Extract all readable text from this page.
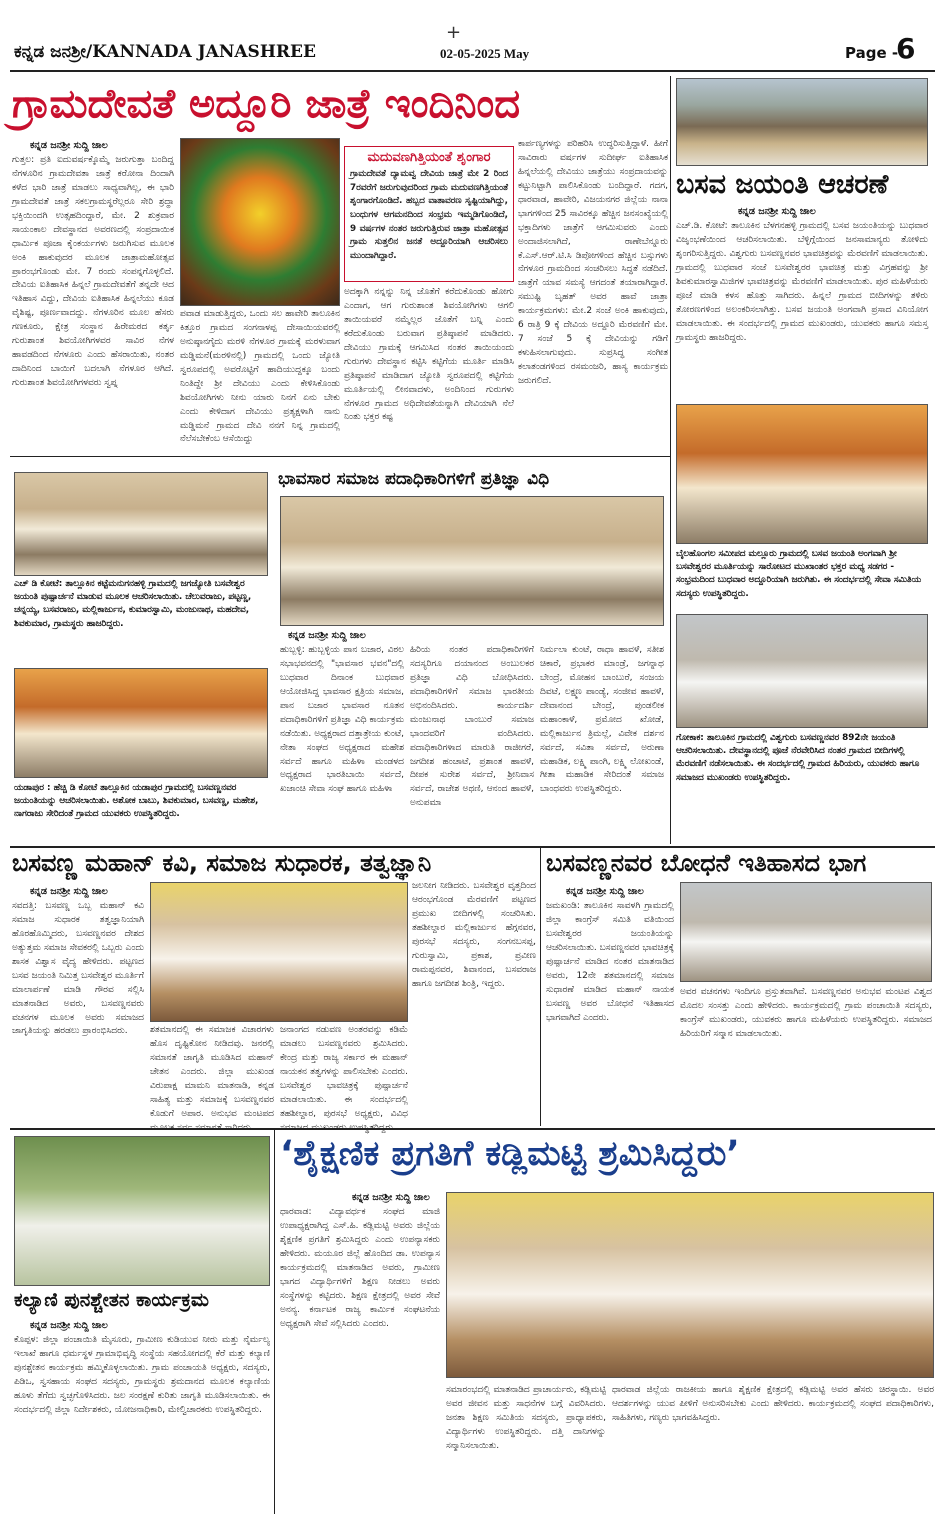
+
ಕನ್ನಡ ಜನಶ್ರೀ/KANNADA JANASHREE	02-05-2025 May	Page -
6
ಗ್ರಾಮದೇವತೆ ಅದ್ದೂರಿ ಜಾತ್ರೆ ಇಂದಿನಿಂದ
ಕನ್ನಡ ಜನಶ್ರೀ ಸುದ್ದಿ ಜಾಲ
ಗುತ್ತಲ: ಪ್ರತಿ ಐದುವರ್ಷಕ್ಕೊಮ್ಮೆ ಜರುಗುತ್ತಾ ಬಂದಿದ್ದ ನೆಗಳೂರಿನ ಗ್ರಾಮದೇವತಾ ಜಾತ್ರೆ ಕರೋನಾ ದಿಂದಾಗಿ ಕಳೆದ ಭಾರಿ ಜಾತ್ರೆ ಮಾಡಲು ಸಾಧ್ಯವಾಗಿಲ್ಲ, ಈ ಭಾರಿ ಗ್ರಾಮದೇವತೆ ಜಾತ್ರೆ ಸಕಲಗ್ರಾಮಸ್ಥರೆಲ್ಲರೂ ಸೇರಿ ಶ್ರದ್ಧಾ ಭಕ್ತಿಯಿಂದಗಿ ಉತ್ಸಹದಿಂದ್ದಾರೆ, ಮೇ. 2 ಶುಕ್ರವಾರ ಸಾಯಂಕಾಲ ದೇವಸ್ಥಾನದ ಅವರಣದಲ್ಲಿ ಸಂಪ್ರದಾಯಿಕ ಧಾರ್ಮಿಕ ಪೂಜಾ ಕೈಂಕರ್ಯಗಳು ಜರುಗಿಸುವ ಮೂಲಕ ಅಂಕಿ ಹಾಕುವುದರ ಮೂಲಕ ಜಾತ್ರಾಮಹೋತ್ಸವ ಪ್ರಾರಂಭಗೊಂಡು ಮೇ. 7 ರಂದು ಸಂಪನ್ನಗೊಳ್ಳಲಿದೆ. ದೇವಿಯ ಐತಿಹಾಸಿಕ ಹಿನ್ನಲೆ ಗ್ರಾಮದೇವತೆಗೆ ತನ್ನದೇ ಆದ ಇತಿಹಾಸ ವಿದ್ದು, ದೇವಿಯ ಐತಿಹಾಸಿಕ ಹಿನ್ನಲೆಯು ಕೂಡ ವೈಶಿಷ್ಟ, ಪೂರ್ಣವಾದದ್ದು. ನೆಗಳೂರಿನ ಮೂಲ ಹೆಸರು ಗಣಕೂರು, ಕ್ಷೇತ್ರ ಸಂಸ್ಥಾನ ಹಿರೇಮಠದ ಕರ್ತೃ ಗುರುಶಾಂತ ಶಿವಯೋಗಿಗಳವರ ಸಾವಿರ ನೆಗಳ ಹಾವಡದಿಂದ ನೆಗಳೂರು ಎಂದು ಹೆಸರಾಯಿತು, ನಂತರ ದಾದಿನಿಂದ ಬಾಯಿಗೆ ಬದಲಾಗಿ ನೆಗಳೂರ ಆಗಿದೆ. ಗುರುಶಾಂತ ಶಿವಯೋಗಿಗಳವರು ಸ್ವಪ್ನ
ಪವಾಡ ಮಾಡುತ್ತಿದ್ದರು, ಒಂದು ಸಲ ಹಾವೇರಿ ತಾಲೂಕಿನ ಕಿತ್ತೂರ ಗ್ರಾಮದ ಸಂಗನಾಳಪ್ಪ ದೇಸಾಯಿಯವರಲ್ಲಿ ಅನುಷ್ಠಾನಗೈದು ಮರಳಿ ನೆಗಳೂರ ಗ್ರಾಮಕ್ಕೆ ಮರಳುವಾಗ ಮಡ್ಡಿಮನೆ(ಮರಳಿನಲ್ಲಿ) ಗ್ರಾಮದಲ್ಲಿ ಒಂದು ಜ್ಯೋತಿ ಸ್ವರೂಪದಲ್ಲಿ ಅವರೊಟ್ಟಿಗೆ ಹಾದಿಯುದ್ದಕ್ಕೂ ಬಂದು ನಿಂತಿದ್ದೇ ಶ್ರೀ ದೇವಿಯು ಎಂದು ಕೇಳಿಸಿಕೊಂಡು ಶಿವಯೋಗಿಗಳು ನೀನು ಯಾರು ನಿನಗೆ ಏನು ಬೇಕು ಎಂದು ಕೇಳಿದಾಗ ದೇವಿಯು ಪ್ರತ್ಯಕ್ಷಳಾಗಿ ನಾನು ಮಡ್ಡಿಮನೆ ಗ್ರಾಮದ ದೇವಿ ನನಗೆ ನಿನ್ನ ಗ್ರಾಮದಲ್ಲಿ ನೆಲೆಸಬೇಕೆಂಬ ಆಸೆಯಿದ್ದು
ಮದುವಣಗಿತ್ತಿಯಂತೆ ಶೃಂಗಾರ
ಗ್ರಾಮದೇವತೆ ದ್ಯಾಮವ್ವ ದೇವಿಯ ಜಾತ್ರೆ ಮೇ 2 ರಿಂದ 7ರವರೆಗೆ ಜರುಗುವುದರಿಂದ ಗ್ರಾಮ ಮದುವಣಗಿತ್ತಿಯಂತೆ ಶೃಂಗಾರಗೊಂಡಿದೆ. ಹಬ್ಬದ ವಾತಾವರಣ ಸೃಷ್ಟಿಯಾಗಿದ್ದು, ಬಂಧುಗಳ ಆಗಮನದಿಂದ ಸಂಭ್ರಮ ಇಮ್ಮಡಿಗೊಂಡಿದೆ, 9 ವರ್ಷಗಳ ನಂತರ ಜರುಗುತ್ತಿರುವ ಜಾತ್ರಾ ಮಹೋತ್ಸವ ಗ್ರಾಮ ಸುತ್ತಲಿನ ಜನತೆ ಅದ್ದೂರಿಯಾಗಿ ಆಚರಿಸಲು ಮುಂದಾಗಿದ್ದಾರೆ.
ಅದಕ್ಕಾಗಿ ನನ್ನನ್ನು ನಿನ್ನ ಜೊತೆಗೆ ಕರೆದುಕೊಂಡು ಹೋಗು ಎಂದಾಗ, ಆಗ ಗುರುಶಾಂತ ಶಿವಯೋಗಿಗಳು ಆಗಲಿ ತಾಯಿಯವರೆ ನಮ್ಮೆಲ್ಲರ ಜೊತೆಗೆ ಬನ್ನಿ ಎಂದು ಕರೆದುಕೊಂಡು ಬರುವಾಗ ಪ್ರತಿಷ್ಠಾಪನೆ ಮಾಡಿದರು. ದೇವಿಯು ಗ್ರಾಮಕ್ಕೆ ಆಗಮಿಸಿದ ನಂತರ ತಾಯಿಯಂದು ಗುರುಗಳು ದೇವಸ್ಥಾನ ಕಟ್ಟಿಸಿ ಕಟ್ಟಿಗೆಯ ಮೂರ್ತಿ ಮಾಡಿಸಿ ಪ್ರತಿಷ್ಠಾಪನೆ ಮಾಡಿದಾಗ ಜ್ಯೋತಿ ಸ್ವರೂಪದಲ್ಲಿ ಕಟ್ಟಿಗೆಯ ಮೂರ್ತಿಯಲ್ಲಿ ಲೀನವಾದಳು, ಅಂದಿನಿಂದ ಗುರುಗಳು ನೆಗಳೂರ ಗ್ರಾಮದ ಅಧಿದೇವತೆಯನ್ನಾಗಿ ದೇವಿಯಾಗಿ ನೆಲೆ ನಿಂತು ಭಕ್ತರ ಕಷ್ಟ
ಕಾರ್ಪಣ್ಯಗಳನ್ನು ಪರಿಹರಿಸಿ ಉದ್ಧರಿಸುತ್ತಿದ್ದಾಳೆ. ಹೀಗೆ ಸಾವಿರಾರು ವರ್ಷಗಳ ಸುದೀರ್ಘ ಐತಿಹಾಸಿಕ ಹಿನ್ನಲೆಯಲ್ಲಿ ದೇವಿಯು ಜಾತ್ರೆಯು ಸಂಪ್ರದಾಯವನ್ನು ಕಟ್ಟುನಿಟ್ಟಾಗಿ ಪಾಲಿಸಿಕೊಂಡು ಬಂದಿದ್ದಾರೆ. ಗದಗ, ಧಾರವಾಡ, ಹಾವೇರಿ, ವಿಜಯನಗರ ಜಿಲ್ಲೆಯ ನಾನಾ ಭಾಗಗಳಿಂದ 25 ಸಾವಿರಕ್ಕೂ ಹೆಚ್ಚಿನ ಜನಸಂಖ್ಯೆಯಲ್ಲಿ ಭಕ್ತಾದಿಗಳು ಜಾತ್ರೆಗೆ ಆಗಮಿಸುವರು ಎಂದು ಅಂದಾಜಿಸಲಾಗಿದೆ, ರಾಣೇಬೆನ್ನೂರು ಕೆ.ಎಸ್.ಆರ್.ಟಿ.ಸಿ ಡಿಪೋಗಳಿಂದ ಹೆಚ್ಚಿನ ಬಸ್ಸುಗಳು ನೆಗಳೂರ ಗ್ರಾಮದಿಂದ ಸಂಚರಿಸಲು ಸಿದ್ಧತೆ ನಡೆದಿದೆ. ಜಾತ್ರೆಗೆ ಯಾವ ಸಮಸ್ಯೆ ಆಗದಂತೆ ತಯಾರಾಗಿದ್ದಾರೆ. ಸಮುಷ್ಟಿ ಬೃಹತ್ ಅವರ ಹಾವೆ ಜಾತ್ರಾ ಕಾರ್ಯಕ್ರಮಗಳು: ಮೇ.2 ಸಂಜೆ ಅಂಕಿ ಹಾಕುವುದು, 6 ರಾತ್ರಿ 9 ಕ್ಕೆ ದೇವಿಯ ಅದ್ದೂರಿ ಮೆರವಣಿಗೆ ಮೇ. 7 ಸಂಜೆ 5 ಕ್ಕೆ ದೇವಿಯನ್ನು ಗಡಿಗೆ ಕಳುಹಿಸಲಾಗುವುದು. ಸುಪ್ರಸಿದ್ಧ ಸಂಗೀತ ಕಲಾತಂಡಗಳಿಂದ ರಸಮಂಜರಿ, ಹಾಸ್ಯ ಕಾರ್ಯಕ್ರಮ ಜರುಗಲಿದೆ.
ಬಸವ ಜಯಂತಿ ಆಚರಣೆ
ಕನ್ನಡ ಜನಶ್ರೀ ಸುದ್ದಿ ಜಾಲ
ಎಚ್.ಡಿ. ಕೋಟೆ: ತಾಲೂಕಿನ ಬೆಳಗನಹಳ್ಳಿ ಗ್ರಾಮದಲ್ಲಿ ಬಸವ ಜಯಂತಿಯನ್ನು ಬುಧವಾರ ವಿಜೃಂಭಣೆಯಿಂದ ಆಚರಿಸಲಾಯಿತು. ಬೆಳ್ಳಿಗ್ಗೆಯಿಂದ ಜನಸಾಮಾನ್ಯರು ತೋಳಿದು ಶೃಂಗರಿಸುತ್ತಿದ್ದರು. ವಿಶ್ವಗುರು ಬಸವಣ್ಣನವರ ಭಾವಚಿತ್ರವನ್ನು ಮೆರವಣಿಗೆ ಮಾಡಲಾಯಿತು. ಗ್ರಾಮದಲ್ಲಿ ಬುಧವಾರ ಸಂಜೆ ಬಸವೇಶ್ವರರ ಭಾವಚಿತ್ರ ಮತ್ತು ವಿಗ್ರಹವನ್ನು ಶ್ರೀ ಶಿವಕುಮಾರಸ್ವಾಮಿಜಿಗಳ ಭಾವಚಿತ್ರವನ್ನು ಮೆರವಣಿಗೆ ಮಾಡಲಾಯಿತು. ಪುರ ಮಹಿಳೆಯರು ಪೂಜೆ ಮಾಡಿ ಕಳಸ ಹೊತ್ತು ಸಾಗಿದರು. ಹಿನ್ನಲೆ ಗ್ರಾಮದ ಬೀದಿಗಳನ್ನು ತಳಿರು ತೋರಣಗಳಿಂದ ಅಲಂಕರಿಸಲಾಗಿತ್ತು. ಬಸವ ಜಯಂತಿ ಅಂಗವಾಗಿ ಪ್ರಸಾದ ವಿನಿಯೋಗ ಮಾಡಲಾಯಿತು. ಈ ಸಂದರ್ಭದಲ್ಲಿ ಗ್ರಾಮದ ಮುಖಂಡರು, ಯುವಕರು ಹಾಗೂ ಸಮಸ್ತ ಗ್ರಾಮಸ್ಥರು ಹಾಜರಿದ್ದರು.
ಬೈಲಹೊಂಗಲ ಸಮೀಪದ ಮಲ್ಲೂರು ಗ್ರಾಮದಲ್ಲಿ ಬಸವ ಜಯಂತಿ ಅಂಗವಾಗಿ ಶ್ರೀ ಬಸವೇಶ್ವರರ ಮೂರ್ತಿಯನ್ನು ಸಾರೋಟದ ಮುಖಾಂತರ ಭಕ್ತರ ಮಧ್ಯ ಸಡಗರ - ಸಂಭ್ರಮದಿಂದ ಬುಧವಾರ ಅದ್ದೂರಿಯಾಗಿ ಜರುಗಿತು. ಈ ಸಂದರ್ಭದಲ್ಲಿ ಸೇವಾ ಸಮಿತಿಯ ಸದಸ್ಯರು ಉಪಸ್ಥಿತರಿದ್ದರು.
ಗೋಕಾಕ: ತಾಲೂಕಿನ ಗ್ರಾಮದಲ್ಲಿ ವಿಶ್ವಗುರು ಬಸವಣ್ಣನವರ 892ನೇ ಜಯಂತಿ ಆಚರಿಸಲಾಯಿತು. ದೇವಸ್ಥಾನದಲ್ಲಿ ಪೂಜೆ ನೆರವೇರಿಸಿದ ನಂತರ ಗ್ರಾಮದ ಬೀದಿಗಳಲ್ಲಿ ಮೆರವಣಿಗೆ ನಡೆಸಲಾಯಿತು. ಈ ಸಂದರ್ಭದಲ್ಲಿ ಗ್ರಾಮದ ಹಿರಿಯರು, ಯುವಕರು ಹಾಗೂ ಸಮಾಜದ ಮುಖಂಡರು ಉಪಸ್ಥಿತರಿದ್ದರು.
ಎಚ್ ಡಿ ಕೋಟೆ: ತಾಲ್ಲೂಕಿನ ಕಟ್ಟೆಮನುಗನಹಳ್ಳಿ ಗ್ರಾಮದಲ್ಲಿ ಜಗಜ್ಯೋತಿ ಬಸವೇಶ್ವರ ಜಯಂತಿ ಪುಷ್ಪಾರ್ಚನೆ ಮಾಡುವ ಮೂಲಕ ಆಚರಿಸಲಾಯಿತು. ಚೆಲುವರಾಜು, ಪಟ್ಟಣ್ಣ, ಚನ್ನಯ್ಯ, ಬಸವರಾಜು, ಮಲ್ಲಿಕಾರ್ಜುನ, ಕುಮಾರಸ್ವಾಮಿ, ಮಂಜುನಾಥ, ಮಹದೇವ, ಶಿವಕುಮಾರ, ಗ್ರಾಮಸ್ಥರು ಹಾಜರಿದ್ದರು.
ಯಡಾಪುರ : ಹೆಚ್ಚಿ ಡಿ ಕೋಟೆ ತಾಲ್ಲೂಕಿನ ಯಡಾಪುರ ಗ್ರಾಮದಲ್ಲಿ ಬಸವಣ್ಣನವರ ಜಯಂತಿಯನ್ನು ಆಚರಿಸಲಾಯಿತು. ಅಶೋಕ ಬಾಬು, ಶಿವಕುಮಾರ, ಬಸವಣ್ಣ, ಮಹೇಶ, ನಾಗರಾಜು ಸೇರಿದಂತೆ ಗ್ರಾಮದ ಯುವಕರು ಉಪಸ್ಥಿತರಿದ್ದರು.
ಭಾವಸಾರ ಸಮಾಜ ಪದಾಧಿಕಾರಿಗಳಿಗೆ ಪ್ರತಿಜ್ಞಾ ವಿಧಿ
ಕನ್ನಡ ಜನಶ್ರೀ ಸುದ್ದಿ ಜಾಲ
ಹುಬ್ಬಳ್ಳಿ: ಹುಬ್ಬಳ್ಳಿಯ ಪಾನ ಬಜಾರ, ವಿಠಲ ಸಭಾಭವನದಲ್ಲಿ "ಭಾವಸಾರ ಭವನ"ದಲ್ಲಿ ಬುಧವಾರ ದಿನಾಂಕ ಬುಧವಾರ ಆಯೋಜಿಸಿದ್ದ ಭಾವಸಾರ ಕ್ಷತ್ರಿಯ ಸಮಾಜ, ಪಾನ ಬಜಾರ ಭಾವಸಾರ ನೂತನ ಪದಾಧಿಕಾರಿಗಳಿಗೆ ಪ್ರತಿಜ್ಞಾ ವಿಧಿ ಕಾರ್ಯಕ್ರಮ ನಡೆಯಿತು. ಅಧ್ಯಕ್ಷರಾದ ದತ್ತಾತ್ರೇಯ ಕುಂಟೆ, ನೇತಾ ಸಂಘದ ಅಧ್ಯಕ್ಷರಾದ ಮಹೇಶ ಸರ್ವದೆ ಹಾಗೂ ಮಹಿಳಾ ಮಂಡಳದ ಅಧ್ಯಕ್ಷರಾದ ಭಾರತಿಬಾಯಿ ಸರ್ವದೆ, ಖಜಾಂಚಿ ಸೇವಾ ಸಂಘ ಹಾಗೂ ಮಹಿಳಾ
ಹಿರಿಯ ನಂತರ ಪದಾಧಿಕಾರಿಗಳಿಗೆ ಸದಸ್ಯರಿಗೂ ದಯಾನಂದ ಅಂಬುಲಕರ ಪ್ರತಿಜ್ಞಾ ವಿಧಿ ಬೋಧಿಸಿದರು. ಪದಾಧಿಕಾರಿಗಳಿಗೆ ಸಮಾಜ ಭಾರತೀಯ ಅಭಿನಂದಿಸಿದರು. ಕಾರ್ಯದರ್ಶಿ ಮಂಜುನಾಥ ಬಾಂಬುರೆ ಸಮಾಜ ಭಾಂದವರಿಗೆ ವಂದಿಸಿದರು. ಪದಾಧಿಕಾರಿಗಳಾದ ಮಾರುತಿ ರಾಜೀಗರೆ, ಜಗದೀಶ ಹಂಚಾಟೆ, ಪ್ರಶಾಂತ ಹಾವಳೆ, ದೀಪಕ ಸುರೇಶ ಸರ್ವದೆ, ಶ್ರೀನಿವಾಸ ಸರ್ವದೆ, ರಾಜೇಶ ಅಥಣಿ, ಆನಂದ ಹಾವಳೆ, ಅನುಪಮಾ
ನಿರ್ಮಲಾ ಕುಂಟೆ, ರಾಧಾ ಹಾವಳೆ, ಸತೀಶ ಚಿಕಾರೆ, ಪ್ರಭಾಕರ ಮಾಂಡ್ರೆ, ಜಗನ್ನಾಥ ಬೇಂದ್ರೆ, ಮೋಹನ ಬಾಂಬುರೆ, ಸಂಜಯ ದಿವಟೆ, ಲಕ್ಷ್ಮಣ ಪಾಂಡ್ಯೆ, ಸಂಜೀವ ಹಾವಳೆ, ದೇವಾನಂದ ಬೇಂದ್ರೆ, ಪುಂಡಲೀಕ ಮಹಾಂಕಾಳೆ, ಪ್ರಮೋದ ಖೋಡೆ, ಮಲ್ಲಿಕಾರ್ಜುನ ತ್ರಿಮಲ್ಲೆ, ವಿವೇಕ ದರ್ಶನ ಸರ್ವದೆ, ಸವಿತಾ ಸರ್ವದೆ, ಅರುಣಾ ಮಹಾಡಿಕ, ಲಕ್ಷ್ಮಿ ಪಾಂಗಿ, ಲಕ್ಷ್ಮಿ ಲೋಖಂಡೆ, ಗೀತಾ ಮಹಾಡಿಕ ಸೇರಿದಂತೆ ಸಮಾಜ ಬಾಂಧವರು ಉಪಸ್ಥಿತರಿದ್ದರು.
ಬಸವಣ್ಣ ಮಹಾನ್ ಕವಿ, ಸಮಾಜ ಸುಧಾರಕ, ತತ್ವಜ್ಞಾನಿ
ಕನ್ನಡ ಜನಶ್ರೀ ಸುದ್ದಿ ಜಾಲ
ಸವದತ್ತಿ: ಬಸವಣ್ಣ ಒಬ್ಬ ಮಹಾನ್ ಕವಿ ಸಮಾಜ ಸುಧಾರಕ ತತ್ವಜ್ಞಾನಿಯಾಗಿ ಹೊರಹೊಮ್ಮಿದರು, ಬಸವಣ್ಣನವರ ದೇಶದ ಅತ್ಯುತ್ತಮ ಸಮಾಜ ಸೇವಕರಲ್ಲಿ ಒಬ್ಬರು ಎಂದು ಶಾಸಕ ವಿಶ್ವಾಸ ವೈದ್ಯ ಹೇಳಿದರು. ಪಟ್ಟಣದ ಬಸವ ಜಯಂತಿ ನಿಮಿತ್ತ ಬಸವೇಶ್ವರ ಮೂರ್ತಿಗೆ ಮಾಲಾರ್ಪಣೆ ಮಾಡಿ ಗೌರವ ಸಲ್ಲಿಸಿ ಮಾತನಾಡಿದ ಅವರು, ಬಸವಣ್ಣನವರು ವಚನಗಳ ಮೂಲಕ ಅವರು ಸಮಾಜದ ಜಾಗೃತಿಯನ್ನು ಹರಡಲು ಪ್ರಾರಂಭಿಸಿದರು.	ಶತಮಾನದಲ್ಲಿ ಈ ಸಮಾಜಕ ವಿಚಾರಗಳು ಹೊಸ ದೃಷ್ಟಿಕೋನ ನೀಡಿದವು. ಜನರಲ್ಲಿ ಸಮಾನತೆ ಜಾಗೃತಿ ಮೂಡಿಸಿದ ಮಹಾನ್ ಚೇತನ ಎಂದರು. ಜಿಲ್ಲಾ ಮುಖಂಡ ವಿರುಪಾಕ್ಷ ಮಾಮನಿ ಮಾತನಾಡಿ, ಕನ್ನಡ ಸಾಹಿತ್ಯ ಮತ್ತು ಸಮಾಜಕ್ಕೆ ಬಸವಣ್ಣನವರ ಕೊಡುಗೆ ಅಪಾರ. ಅನುಭವ ಮಂಟಪದ
ಜನಾಂಗದ ನಡುವಣ ಅಂತರವನ್ನು ಕಡಿಮೆ ಮಾಡಲು ಬಸವಣ್ಣನವರು ಶ್ರಮಿಸಿದರು. ಕೇಂದ್ರ ಮತ್ತು ರಾಜ್ಯ ಸರ್ಕಾರ ಈ ಮಹಾನ್ ನಾಯಕನ ತತ್ವಗಳನ್ನು ಪಾಲಿಸಬೇಕು ಎಂದರು. ಬಸವೇಶ್ವರ ಭಾವಚಿತ್ರಕ್ಕೆ ಪುಷ್ಪಾರ್ಚನೆ ಮಾಡಲಾಯಿತು. ಈ ಸಂದರ್ಭದಲ್ಲಿ ತಹಶೀಲ್ದಾರ, ಪುರಸಭೆ ಅಧ್ಯಕ್ಷರು, ವಿವಿಧ
ಜಲನೀಗ ನೀಡಿದರು. ಬಸವೇಶ್ವರ ವೃತ್ತದಿಂದ ಆರಂಭಗೊಂಡ ಮೆರವಣಿಗೆ ಪಟ್ಟಣದ ಪ್ರಮುಖ ಬೀದಿಗಳಲ್ಲಿ ಸಂಚರಿಸಿತು. ತಹಶೀಲ್ದಾರ ಮಲ್ಲಿಕಾರ್ಜುನ ಹೆಗ್ಗನವರ, ಪುರಸಭೆ ಸದಸ್ಯರು, ಸಂಗನಬಸಪ್ಪ, ಗುರುಸ್ವಾಮಿ, ಪ್ರಕಾಶ, ಪ್ರವೀಣ ರಾಮಪ್ಪನವರ, ಶಿವಾನಂದ, ಬಸವರಾಜ ಹಾಗೂ ಜಗದೀಶ ಶಿಂತ್ರಿ, ಇದ್ದರು.
ಬಸವಣ್ಣನವರ ಬೋಧನೆ ಇತಿಹಾಸದ ಭಾಗ
ಕನ್ನಡ ಜನಶ್ರೀ ಸುದ್ದಿ ಜಾಲ
ಜಮಖಂಡಿ: ತಾಲೂಕಿನ ಸಾವಳಗಿ ಗ್ರಾಮದಲ್ಲಿ ಜಿಲ್ಲಾ ಕಾಂಗ್ರೆಸ್ ಸಮಿತಿ ವತಿಯಿಂದ ಬಸವೇಶ್ವರರ ಜಯಂತಿಯನ್ನು ಆಚರಿಸಲಾಯಿತು. ಬಸವಣ್ಣನವರ ಭಾವಚಿತ್ರಕ್ಕೆ ಪುಷ್ಪಾರ್ಚನೆ ಮಾಡಿದ ನಂತರ ಮಾತನಾಡಿದ ಅವರು, 12ನೇ ಶತಮಾನದಲ್ಲಿ ಸಮಾಜ ಸುಧಾರಣೆ ಮಾಡಿದ ಮಹಾನ್ ನಾಯಕ ಬಸವಣ್ಣ ಅವರ ಬೋಧನೆ ಇತಿಹಾಸದ ಭಾಗವಾಗಿದೆ ಎಂದರು.
ಅವರ ವಚನಗಳು ಇಂದಿಗೂ ಪ್ರಸ್ತುತವಾಗಿವೆ. ಬಸವಣ್ಣನವರ ಅನುಭವ ಮಂಟಪ ವಿಶ್ವದ ಮೊದಲ ಸಂಸತ್ತು ಎಂದು ಹೇಳಿದರು. ಕಾರ್ಯಕ್ರಮದಲ್ಲಿ ಗ್ರಾಮ ಪಂಚಾಯಿತಿ ಸದಸ್ಯರು, ಕಾಂಗ್ರೆಸ್ ಮುಖಂಡರು, ಯುವಕರು ಹಾಗೂ ಮಹಿಳೆಯರು ಉಪಸ್ಥಿತರಿದ್ದರು. ಸಮಾಜದ ಹಿರಿಯರಿಗೆ ಸನ್ಮಾನ ಮಾಡಲಾಯಿತು.
ಕಲ್ಯಾಣಿ ಪುನಶ್ಚೇತನ ಕಾರ್ಯಕ್ರಮ
ಕನ್ನಡ ಜನಶ್ರೀ ಸುದ್ದಿ ಜಾಲ
ಕೊಪ್ಪಳ: ಜಿಲ್ಲಾ ಪಂಚಾಯಿತಿ ಮೈಸೂರು, ಗ್ರಾಮೀಣ ಕುಡಿಯುವ ನೀರು ಮತ್ತು ನೈರ್ಮಲ್ಯ ಇಲಾಖೆ ಹಾಗೂ ಧರ್ಮಸ್ಥಳ ಗ್ರಾಮಾಭಿವೃದ್ಧಿ ಸಂಸ್ಥೆಯ ಸಹಯೋಗದಲ್ಲಿ ಕೆರೆ ಮತ್ತು ಕಲ್ಯಾಣಿ ಪುನಶ್ಚೇತನ ಕಾರ್ಯಕ್ರಮ ಹಮ್ಮಿಕೊಳ್ಳಲಾಯಿತು. ಗ್ರಾಮ ಪಂಚಾಯತಿ ಅಧ್ಯಕ್ಷರು, ಸದಸ್ಯರು, ಪಿಡಿಒ, ಸ್ವಸಹಾಯ ಸಂಘದ ಸದಸ್ಯರು, ಗ್ರಾಮಸ್ಥರು ಶ್ರಮದಾನದ ಮೂಲಕ ಕಲ್ಯಾಣಿಯ ಹೂಳು ತೆಗೆದು ಸ್ವಚ್ಛಗೊಳಿಸಿದರು. ಜಲ ಸಂರಕ್ಷಣೆ ಕುರಿತು ಜಾಗೃತಿ ಮೂಡಿಸಲಾಯಿತು. ಈ ಸಂದರ್ಭದಲ್ಲಿ ಜಿಲ್ಲಾ ನಿರ್ದೇಶಕರು, ಯೋಜನಾಧಿಕಾರಿ, ಮೇಲ್ವಿಚಾರಕರು ಉಪಸ್ಥಿತರಿದ್ದರು.
‘ಶೈಕ್ಷಣಿಕ ಪ್ರಗತಿಗೆ ಕಡ್ಲಿಮಟ್ಟಿ ಶ್ರಮಿಸಿದ್ದರು’
ಕನ್ನಡ ಜನಶ್ರೀ ಸುದ್ದಿ ಜಾಲ
ಧಾರವಾಡ: ವಿದ್ಯಾವರ್ಧಕ ಸಂಘದ ಮಾಜಿ ಉಪಾಧ್ಯಕ್ಷರಾಗಿದ್ದ ಎಸ್.ಹಿ. ಕಡ್ಲಿಮಟ್ಟಿ ಅವರು ಜಿಲ್ಲೆಯ ಶೈಕ್ಷಣಿಕ ಪ್ರಗತಿಗೆ ಶ್ರಮಿಸಿದ್ದರು ಎಂದು ಉಪನ್ಯಾಸಕರು ಹೇಳಿದರು. ಮಯೂರ ಜಿಲ್ಲೆ ಹೊಂದಿದ ಡಾ. ಉಪನ್ಯಾಸ ಕಾರ್ಯಕ್ರಮದಲ್ಲಿ ಮಾತನಾಡಿದ ಅವರು, ಗ್ರಾಮೀಣ ಭಾಗದ ವಿದ್ಯಾರ್ಥಿಗಳಿಗೆ ಶಿಕ್ಷಣ ನೀಡಲು ಅವರು ಸಂಸ್ಥೆಗಳನ್ನು ಕಟ್ಟಿದರು. ಶಿಕ್ಷಣ ಕ್ಷೇತ್ರದಲ್ಲಿ ಅವರ ಸೇವೆ ಅನನ್ಯ. ಕರ್ನಾಟಕ ರಾಜ್ಯ ಕಾರ್ಮಿಕ ಸಂಘಟನೆಯ ಅಧ್ಯಕ್ಷರಾಗಿ ಸೇವೆ ಸಲ್ಲಿಸಿದರು ಎಂದರು.
ಸಮಾರಂಭದಲ್ಲಿ ಮಾತನಾಡಿದ ಪ್ರಾಚಾರ್ಯರು, ಕಡ್ಲಿಮಟ್ಟಿ ಅವರ ಜೀವನ ಮತ್ತು ಸಾಧನೆಗಳ ಬಗ್ಗೆ ವಿವರಿಸಿದರು. ಜನತಾ ಶಿಕ್ಷಣ ಸಮಿತಿಯ ಸದಸ್ಯರು, ಪ್ರಾಧ್ಯಾಪಕರು, ವಿದ್ಯಾರ್ಥಿಗಳು ಉಪಸ್ಥಿತರಿದ್ದರು. ದತ್ತಿ ದಾನಿಗಳನ್ನು ಸನ್ಮಾನಿಸಲಾಯಿತು.
ಧಾರವಾಡ ಜಿಲ್ಲೆಯ ರಾಜಕೀಯ ಹಾಗೂ ಶೈಕ್ಷಣಿಕ ಕ್ಷೇತ್ರದಲ್ಲಿ ಕಡ್ಲಿಮಟ್ಟಿ ಅವರ ಹೆಸರು ಚಿರಸ್ಥಾಯಿ. ಅವರ ಆದರ್ಶಗಳನ್ನು ಯುವ ಪೀಳಿಗೆ ಅನುಸರಿಸಬೇಕು ಎಂದು ಹೇಳಿದರು. ಕಾರ್ಯಕ್ರಮದಲ್ಲಿ ಸಂಘದ ಪದಾಧಿಕಾರಿಗಳು, ಸಾಹಿತಿಗಳು, ಗಣ್ಯರು ಭಾಗವಹಿಸಿದ್ದರು.
